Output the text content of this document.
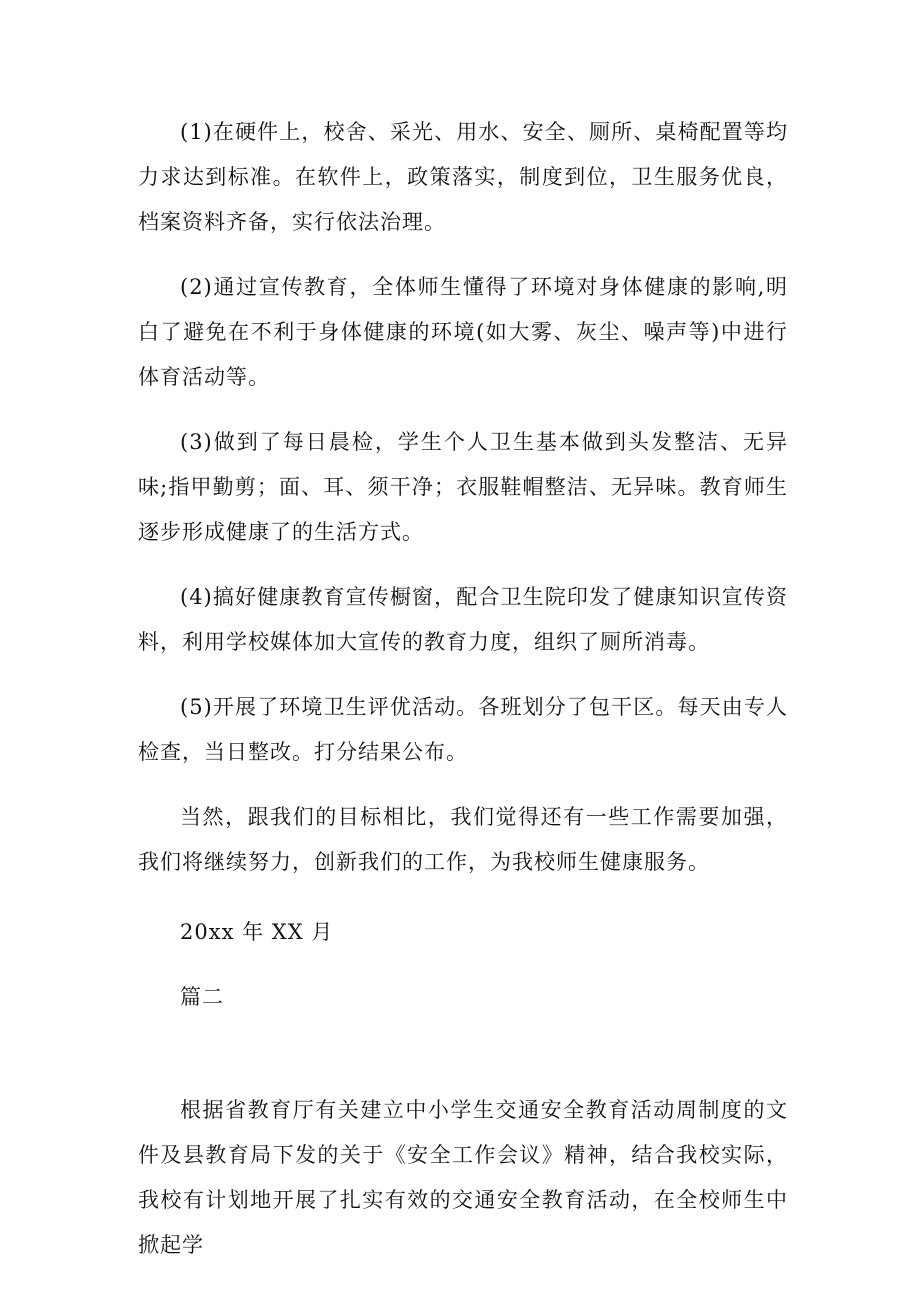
(1)在硬件上，校舍、采光、用水、安全、厕所、桌椅配置等均力求达到标准。在软件上，政策落实，制度到位，卫生服务优良，档案资料齐备，实行依法治理。

(2)通过宣传教育，全体师生懂得了环境对身体健康的影响,明白了避免在不利于身体健康的环境(如大雾、灰尘、噪声等)中进行体育活动等。

(3)做到了每日晨检，学生个人卫生基本做到头发整洁、无异味;指甲勤剪；面、耳、须干净；衣服鞋帽整洁、无异味。教育师生逐步形成健康了的生活方式。

(4)搞好健康教育宣传橱窗，配合卫生院印发了健康知识宣传资料，利用学校媒体加大宣传的教育力度，组织了厕所消毒。

(5)开展了环境卫生评优活动。各班划分了包干区。每天由专人检查，当日整改。打分结果公布。

当然，跟我们的目标相比，我们觉得还有一些工作需要加强，我们将继续努力，创新我们的工作，为我校师生健康服务。

20xx 年 XX 月

篇二

根据省教育厅有关建立中小学生交通安全教育活动周制度的文件及县教育局下发的关于《安全工作会议》精神，结合我校实际，我校有计划地开展了扎实有效的交通安全教育活动，在全校师生中掀起学
